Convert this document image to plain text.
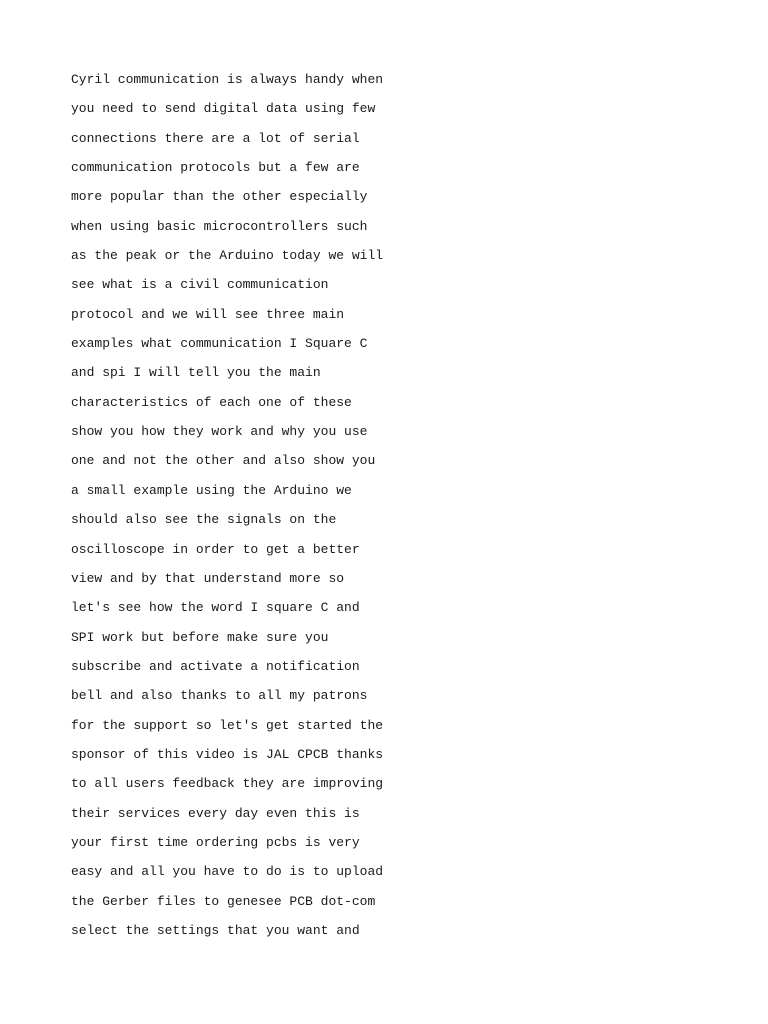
Cyril communication is always handy when
you need to send digital data using few
connections there are a lot of serial
communication protocols but a few are
more popular than the other especially
when using basic microcontrollers such
as the peak or the Arduino today we will
see what is a civil communication
protocol and we will see three main
examples what communication I Square C
and spi I will tell you the main
characteristics of each one of these
show you how they work and why you use
one and not the other and also show you
a small example using the Arduino we
should also see the signals on the
oscilloscope in order to get a better
view and by that understand more so
let's see how the word I square C and
SPI work but before make sure you
subscribe and activate a notification
bell and also thanks to all my patrons
for the support so let's get started the
sponsor of this video is JAL CPCB thanks
to all users feedback they are improving
their services every day even this is
your first time ordering pcbs is very
easy and all you have to do is to upload
the Gerber files to genesee PCB dot-com
select the settings that you want and
